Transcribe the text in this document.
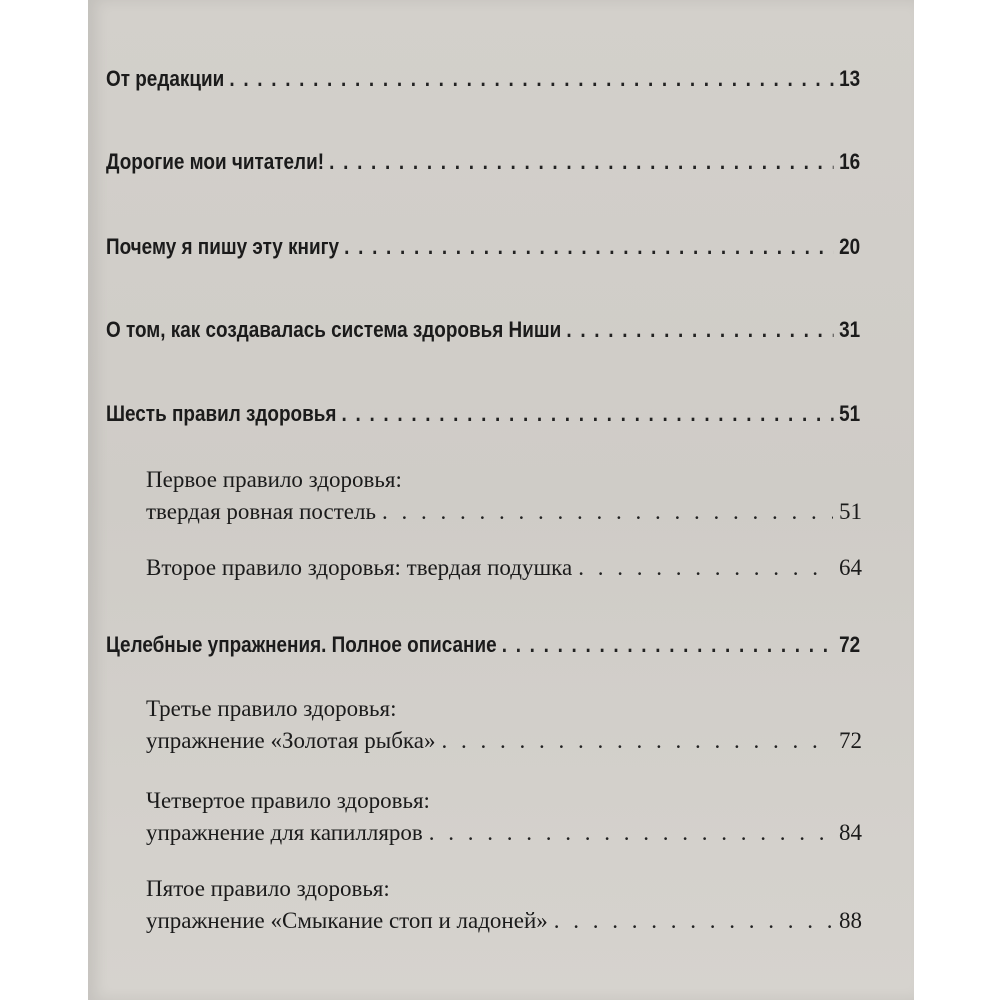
От редакции . . .	13
Дорогие мои читатели! . . .	16
Почему я пишу эту книгу . . .	20
О том, как создавалась система здоровья Ниши . . .	31
Шесть правил здоровья . . .	51
Первое правило здоровья:
твердая ровная постель . . .	51
Второе правило здоровья: твердая подушка . . .	64
Целебные упражнения. Полное описание . . .	72
Третье правило здоровья:
упражнение «Золотая рыбка» . . .	72
Четвертое правило здоровья:
упражнение для капилляров . . .	84
Пятое правило здоровья:
упражнение «Смыкание стоп и ладоней» . . .	88
